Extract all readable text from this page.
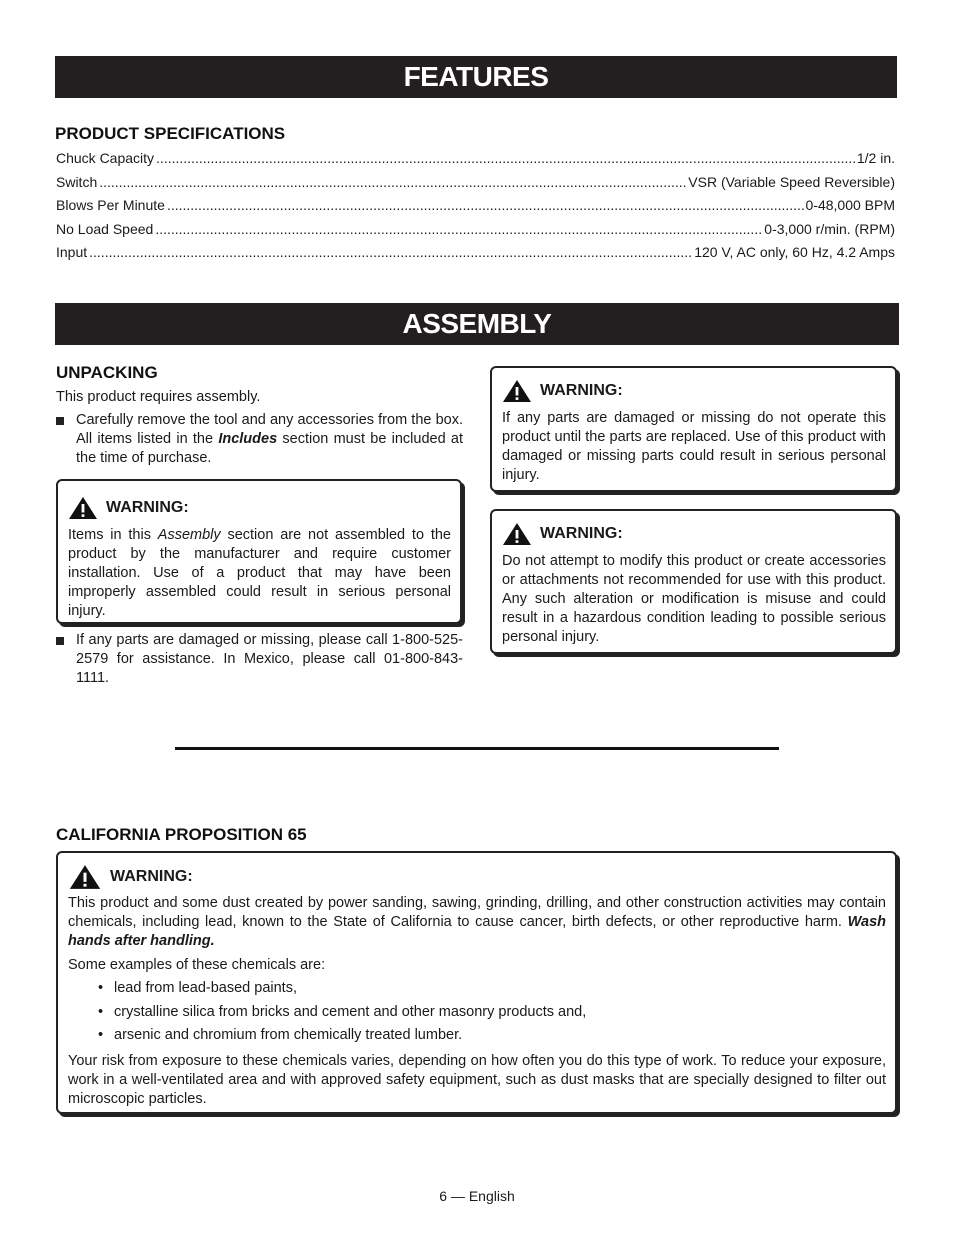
FEATURES
PRODUCT SPECIFICATIONS
Chuck Capacity .....	1/2 in.
Switch .....	VSR (Variable Speed Reversible)
Blows Per Minute .....	0-48,000 BPM
No Load Speed .....	0-3,000 r/min. (RPM)
Input .....	120 V, AC only, 60 Hz, 4.2 Amps
ASSEMBLY
UNPACKING
This product requires assembly.
Carefully remove the tool and any accessories from the box. All items listed in the Includes section must be included at the time of purchase.
WARNING:
Items in this Assembly section are not assembled to the product by the manufacturer and require customer installation. Use of a product that may have been improperly assembled could result in serious personal injury.
If any parts are damaged or missing, please call 1-800-525-2579 for assistance. In Mexico, please call 01-800-843-1111.
WARNING:
If any parts are damaged or missing do not operate this product until the parts are replaced. Use of this product with damaged or missing parts could result in serious personal injury.
WARNING:
Do not attempt to modify this product or create accessories or attachments not recommended for use with this product. Any such alteration or modification is misuse and could result in a hazardous condition leading to possible serious personal injury.
CALIFORNIA PROPOSITION 65
WARNING:
This product and some dust created by power sanding, sawing, grinding, drilling, and other construction activities may contain chemicals, including lead, known to the State of California to cause cancer, birth defects, or other reproductive harm. Wash hands after handling.
Some examples of these chemicals are:
• lead from lead-based paints,
• crystalline silica from bricks and cement and other masonry products and,
• arsenic and chromium from chemically treated lumber.
Your risk from exposure to these chemicals varies, depending on how often you do this type of work. To reduce your exposure, work in a well-ventilated area and with approved safety equipment, such as dust masks that are specially designed to filter out microscopic particles.
6 — English
